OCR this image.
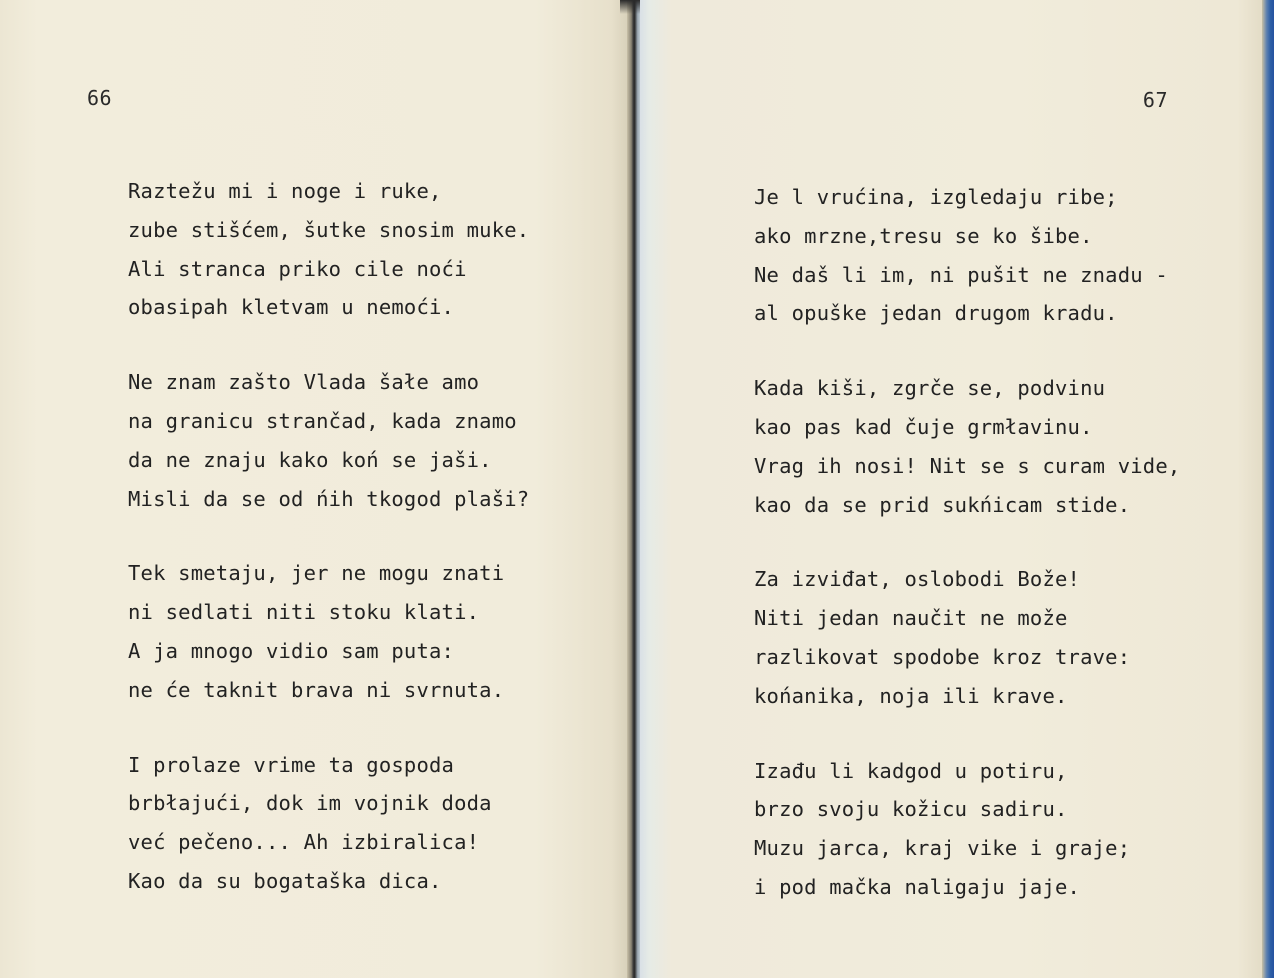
66
Raztežu mi i noge i ruke,
zube stišćem, šutke snosim muke.
Ali stranca priko cile noći
obasipah kletvam u nemoći.
Ne znam zašto Vlada šałe amo
na granicu strančad, kada znamo
da ne znaju kako koń se jaši.
Misli da se od ńih tkogod plaši?
Tek smetaju, jer ne mogu znati
ni sedlati niti stoku klati.
A ja mnogo vidio sam puta:
ne će taknit brava ni svrnuta.
I prolaze vrime ta gospoda
brbłajući, dok im vojnik doda
već pečeno... Ah izbiralica!
Kao da su bogataška dica.
67
Je l vrućina, izgledaju ribe;
ako mrzne,tresu se ko šibe.
Ne daš li im, ni pušit ne znadu -
al opuške jedan drugom kradu.
Kada kiši, zgrče se, podvinu
kao pas kad čuje grmłavinu.
Vrag ih nosi! Nit se s curam vide,
kao da se prid sukńicam stide.
Za izviđat, oslobodi Bože!
Niti jedan naučit ne može
razlikovat spodobe kroz trave:
końanika, noja ili krave.
Izađu li kadgod u potiru,
brzo svoju kožicu sadiru.
Muzu jarca, kraj vike i graje;
i pod mačka naligaju jaje.
